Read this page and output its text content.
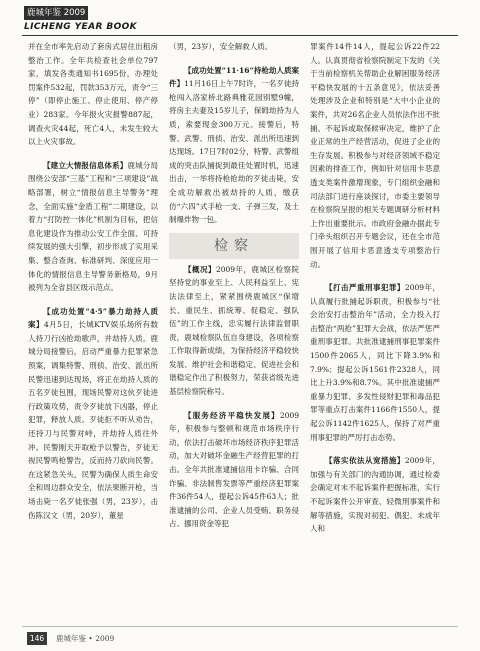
鹿城年鉴 2009
LICHENG YEAR BOOK

并在全市率先启动了套房式居住出租房整治工作。全年共检查社会单位797家，填发各类通知书1695份，办理处罚案件532起，罚款353万元，责令“三停”（即停止施工、停止使用、停产停业）283家。今年报火灾报警887起，调查火灾44起，死亡4人，未发生较大以上火灾事故。

【建立大情报信息体系】鹿城分局围绕公安部“三基”工程和“三项建设”战略部署，树立“情报信息主导警务”理念，全面实施“金盾工程”二期建设，以着力“打防控一体化”机制为目标，把信息化建设作为推动公安工作全面、可持续发展的强大引擎，初步形成了实用采集、整合查询、标准研判、深度应用一体化的情报信息主导警务新格局，9月被列为全省县区级示范点。

【成功处置“4·5”暴力劫持人质案】4月5日，长城KTV娱乐场所有数人持刀行凶抢劫歌声，并劫持人质。鹿城分局接警后，启动严重暴力犯罪紧急预案，调集特警、刑侦、治安、派出所民警迅速到达现场，将正在劫持人质的五名歹徒包围，现场民警对这伙歹徒进行政策攻势，责令歹徒放下凶器，停止犯罪，释放人质。歹徒拒不听从劝告，还持刀与民警对峙，并劫持人质往外冲。民警刚天开取枪予以警告，歹徒无视民警鸣枪警告，反而持刀砍向民警。在这紧急关头，民警为确保人质生命安全和周边群众安全，依法果断开枪，当场击毙一名歹徒张强（男，23岁），击伤陈汉文（男，20岁），董星

（男，23岁），安全解救人质。

【成功处置“11·16”持枪劫人质案件】11月16日上午7时许，一名歹徒持枪闯入洛家桥北路典雅花园别墅9幢，将房主夫妻及15岁儿子，保姆劫持为人质，索要现金300万元。接警后，特警、武警、刑侦、治安、派出所迅速到达现场。17日7时02分，特警、武警组成的突击队捕捉到最佳处置时机，迅速出击，一举将持枪抢劫的歹徒击毙，安全成功解救出被劫持的人质，缴获仿“六四”式手枪一支、子弹三发，及土制爆炸物一包。

检察

【概况】2009年，鹿城区检察院坚持党的事业至上、人民利益至上、宪法法律至上，紧紧围绕鹿城区“保增长、重民生、抓统筹、促稳定、强队伍”的工作主线，忠实履行法律监督职责，鹿城检察队伍自身建设，各项检察工作取得新成绩，为保持经济平稳较快发展、维护社会和谐稳定、促进社会和谐稳定作出了积极努力，荣获省级先进基层检察院称号。

【服务经济平稳快发展】2009年，积极参与整顿和规范市场秩序行动，依法打击破坏市场经济秩序犯罪活动，加大对破坏金融生产经营犯罪的打击。全年共批准逮捕信用卡诈骗、合同诈骗、非法制售发票等严重经济犯罪案件36件54人，提起公诉45件63人；批准逮捕的公司、企业人员受贿、职务侵占、挪用资金等犯

罪案件14件14人，提起公诉22件22人。认真贯彻省检察院制定下发的《关于当前检察机关帮助企业解困服务经济平稳快发展的十五条意见》，依法妥善处理涉及企业和特别是“大中小企业的案件，共对26名企业人员依法作出不批捕、不起诉或取保候审决定，维护了企业正常的生产经营活动，促进了企业的生存发展。积极参与对经济领域不稳定因素的排查工作，例如针对信用卡恶意透支类案件激增现象，专门组织金融和司法部门进行座谈探讨，市委主要领导在检察院呈报的相关专题调研分析材料上作出重要批示。市政府金融办据此专门牵头组织召开专题会议，还在全市范围开展了信用卡恶意透支专项整治行动。

【打击严重刑事犯罪】2009年，认真履行批捕起诉职责，积极参与“社会治安打击整治年”活动，全力投入打击整治“两抢”犯罪大会战，依法严惩严重刑事犯罪。共批准逮捕刑事犯罪案件1500件2065人，同比下降3.9%和7.9%；提起公诉1561件2328人，同比上升3.9%和8.7%。其中批准逮捕严重暴力犯罪、多发性侵财犯罪和毒品犯罪等重点打击案件1166件1550人，提起公诉1142件1625人，保持了对严重刑事犯罪的严厉打击态势。

【落实依法从宽措施】2009年，加强与有关部门的沟通协调，通过检委会确定对未不起诉案件把握标准，实行不起诉案件公开审查、轻微刑事案件和解等措施，实现对初犯、偶犯、未成年人和

146	鹿城年鉴 • 2009
